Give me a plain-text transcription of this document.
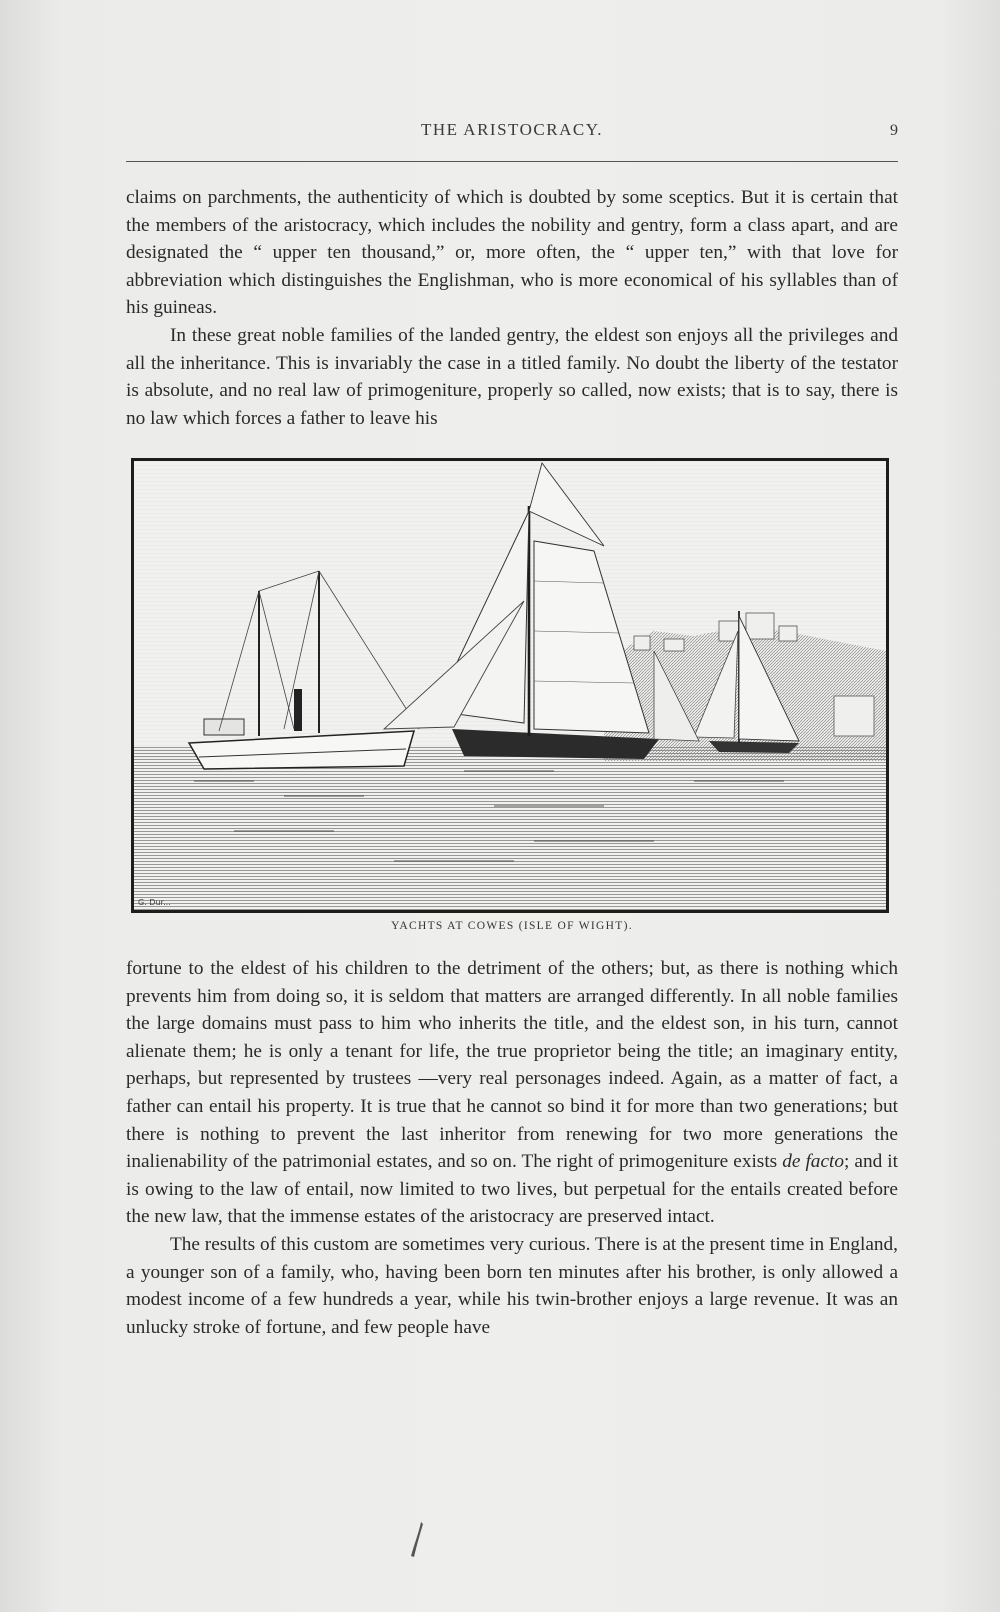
THE ARISTOCRACY.	9

claims on parchments, the authenticity of which is doubted by some sceptics. But it is certain that the members of the aristocracy, which includes the nobility and gentry, form a class apart, and are designated the “ upper ten thousand,” or, more often, the “ upper ten,” with that love for abbreviation which distinguishes the Englishman, who is more economical of his syllables than of his guineas.

In these great noble families of the landed gentry, the eldest son enjoys all the privileges and all the inheritance. This is invariably the case in a titled family. No doubt the liberty of the testator is absolute, and no real law of primogeniture, properly so called, now exists; that is to say, there is no law which forces a father to leave his

G. Dur...
YACHTS AT COWES (ISLE OF WIGHT).

fortune to the eldest of his children to the detriment of the others; but, as there is nothing which prevents him from doing so, it is seldom that matters are arranged differently. In all noble families the large domains must pass to him who inherits the title, and the eldest son, in his turn, cannot alienate them; he is only a tenant for life, the true proprietor being the title; an imaginary entity, perhaps, but represented by trustees —very real personages indeed. Again, as a matter of fact, a father can entail his property. It is true that he cannot so bind it for more than two generations; but there is nothing to prevent the last inheritor from renewing for two more generations the inalienability of the patrimonial estates, and so on. The right of primogeniture exists de facto; and it is owing to the law of entail, now limited to two lives, but perpetual for the entails created before the new law, that the immense estates of the aristocracy are preserved intact.

The results of this custom are sometimes very curious. There is at the present time in England, a younger son of a family, who, having been born ten minutes after his brother, is only allowed a modest income of a few hundreds a year, while his twin-brother enjoys a large revenue. It was an unlucky stroke of fortune, and few people have
